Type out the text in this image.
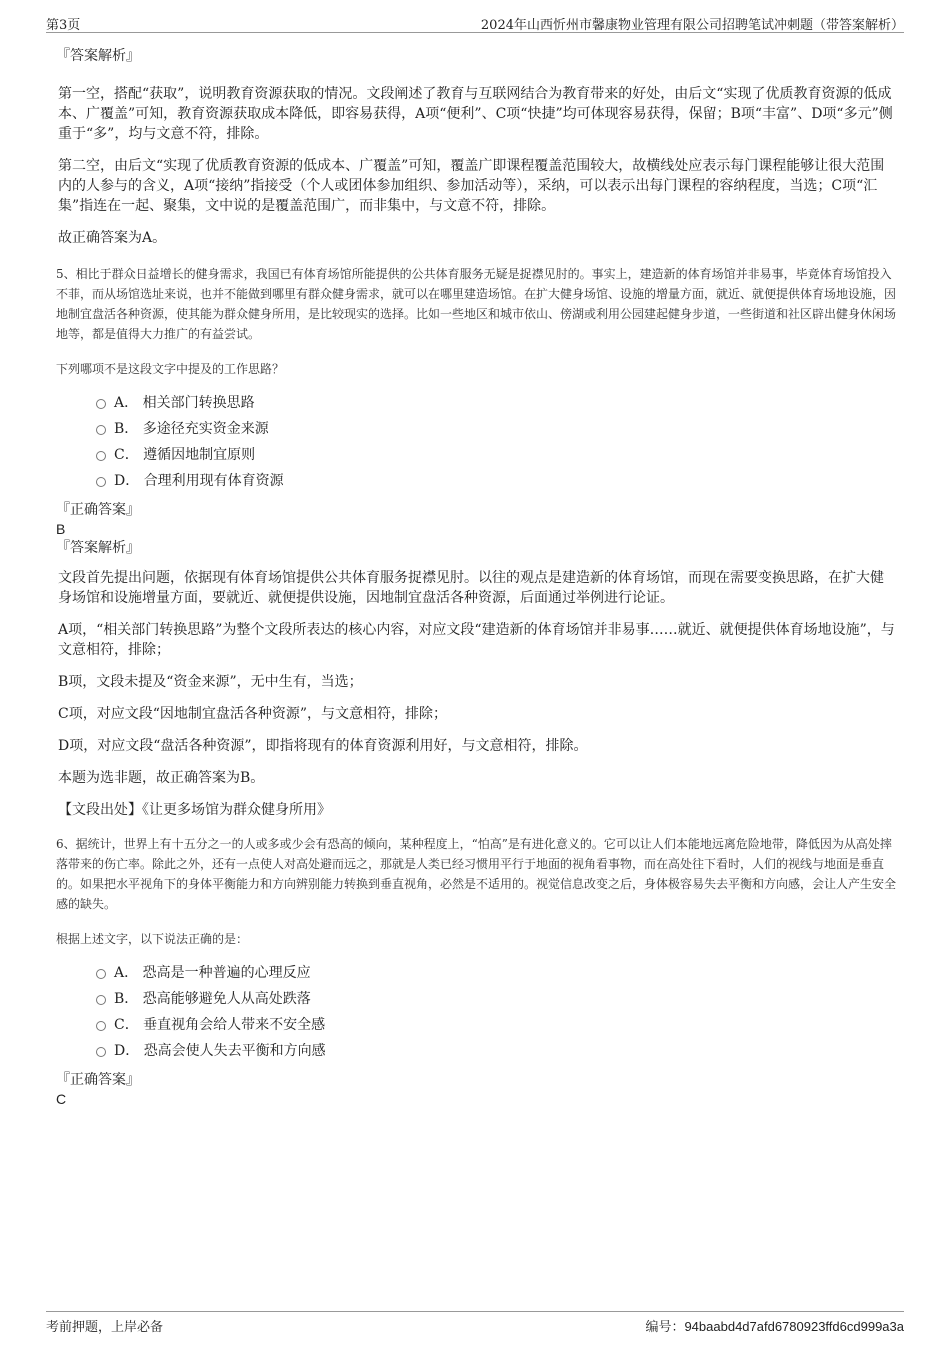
第3页	2024年山西忻州市馨康物业管理有限公司招聘笔试冲刺题（带答案解析）

『答案解析』

第一空，搭配“获取”，说明教育资源获取的情况。文段阐述了教育与互联网结合为教育带来的好处，由后文“实现了优质教育资源的低成本、广覆盖”可知，教育资源获取成本降低，即容易获得，A项“便利”、C项“快捷”均可体现容易获得，保留；B项“丰富”、D项“多元”侧重于“多”，均与文意不符，排除。

第二空，由后文“实现了优质教育资源的低成本、广覆盖”可知，覆盖广即课程覆盖范围较大，故横线处应表示每门课程能够让很大范围内的人参与的含义，A项“接纳”指接受（个人或团体参加组织、参加活动等），采纳，可以表示出每门课程的容纳程度，当选；C项“汇集”指连在一起、聚集，文中说的是覆盖范围广，而非集中，与文意不符，排除。

故正确答案为A。

5、相比于群众日益增长的健身需求，我国已有体育场馆所能提供的公共体育服务无疑是捉襟见肘的。事实上，建造新的体育场馆并非易事，毕竟体育场馆投入不菲，而从场馆选址来说，也并不能做到哪里有群众健身需求，就可以在哪里建造场馆。在扩大健身场馆、设施的增量方面，就近、就便提供体育场地设施，因地制宜盘活各种资源，使其能为群众健身所用，是比较现实的选择。比如一些地区和城市依山、傍湖或利用公园建起健身步道，一些街道和社区辟出健身休闲场地等，都是值得大力推广的有益尝试。

下列哪项不是这段文字中提及的工作思路？

A． 相关部门转换思路
B． 多途径充实资金来源
C． 遵循因地制宜原则
D． 合理利用现有体育资源

『正确答案』

B

『答案解析』

文段首先提出问题，依据现有体育场馆提供公共体育服务捉襟见肘。以往的观点是建造新的体育场馆，而现在需要变换思路，在扩大健身场馆和设施增量方面，要就近、就便提供设施，因地制宜盘活各种资源，后面通过举例进行论证。

A项，“相关部门转换思路”为整个文段所表达的核心内容，对应文段“建造新的体育场馆并非易事……就近、就便提供体育场地设施”，与文意相符，排除；

B项，文段未提及“资金来源”，无中生有，当选；

C项，对应文段“因地制宜盘活各种资源”，与文意相符，排除；

D项，对应文段“盘活各种资源”，即指将现有的体育资源利用好，与文意相符，排除。

本题为选非题，故正确答案为B。

【文段出处】《让更多场馆为群众健身所用》

6、据统计，世界上有十五分之一的人或多或少会有恐高的倾向，某种程度上，“怕高”是有进化意义的。它可以让人们本能地远离危险地带，降低因为从高处摔落带来的伤亡率。除此之外，还有一点使人对高处避而远之，那就是人类已经习惯用平行于地面的视角看事物，而在高处往下看时，人们的视线与地面是垂直的。如果把水平视角下的身体平衡能力和方向辨别能力转换到垂直视角，必然是不适用的。视觉信息改变之后，身体极容易失去平衡和方向感，会让人产生安全感的缺失。

根据上述文字，以下说法正确的是：

A． 恐高是一种普遍的心理反应
B． 恐高能够避免人从高处跌落
C． 垂直视角会给人带来不安全感
D． 恐高会使人失去平衡和方向感

『正确答案』

C

考前押题，上岸必备	编号：94baabd4d7afd6780923ffd6cd999a3a
